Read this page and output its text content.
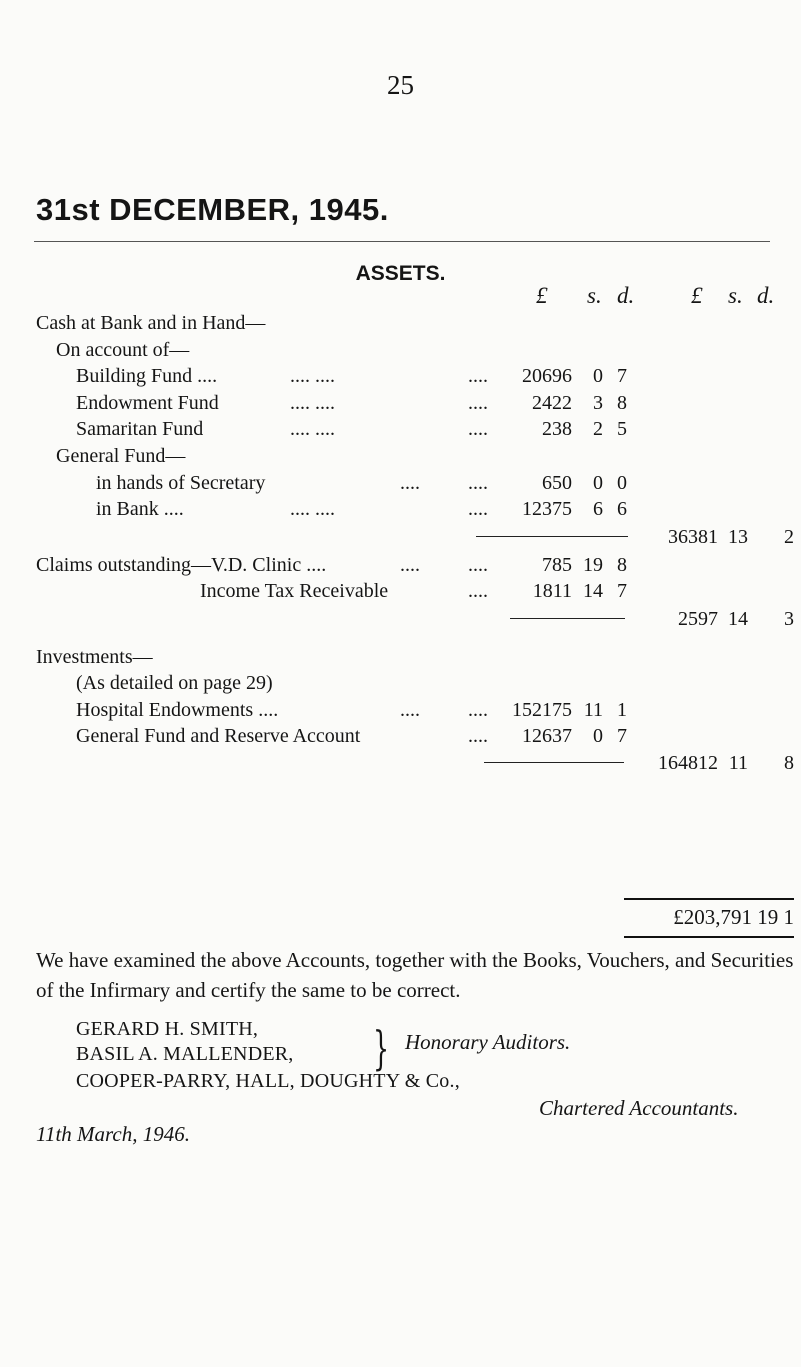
25
31st DECEMBER, 1945.
ASSETS.
£ s. d. £ s. d.
Cash at Bank and in Hand—
On account of—
General Fund—
Investments—
(As detailed on page 29)
Building Fund ....	.... ....	....	20696	0 7
Endowment Fund	.... ....	....	2422	3 8
Samaritan Fund	.... ....	....	238	2 5
in hands of Secretary	.... ....	650	0 0
in Bank ....	.... ....	....	12375	6 6
36381 13	2
Claims outstanding—V.D. Clinic ....	.... ....	785 19 8
Income Tax Receivable	....	1811 14 7
2597 14	3
Hospital Endowments ....	.... ....	152175 11 1
General Fund and Reserve Account	....	12637	0 7
164812 11	8
£203,791 19 1
We have examined the above Accounts, together with the Books, Vouchers, and Securities of the Infirmary and certify the same to be correct.
GERARD H. SMITH,
BASIL A. MALLENDER, } Honorary Auditors.
COOPER-PARRY, HALL, DOUGHTY & Co.,
Chartered Accountants.
11th March, 1946.
